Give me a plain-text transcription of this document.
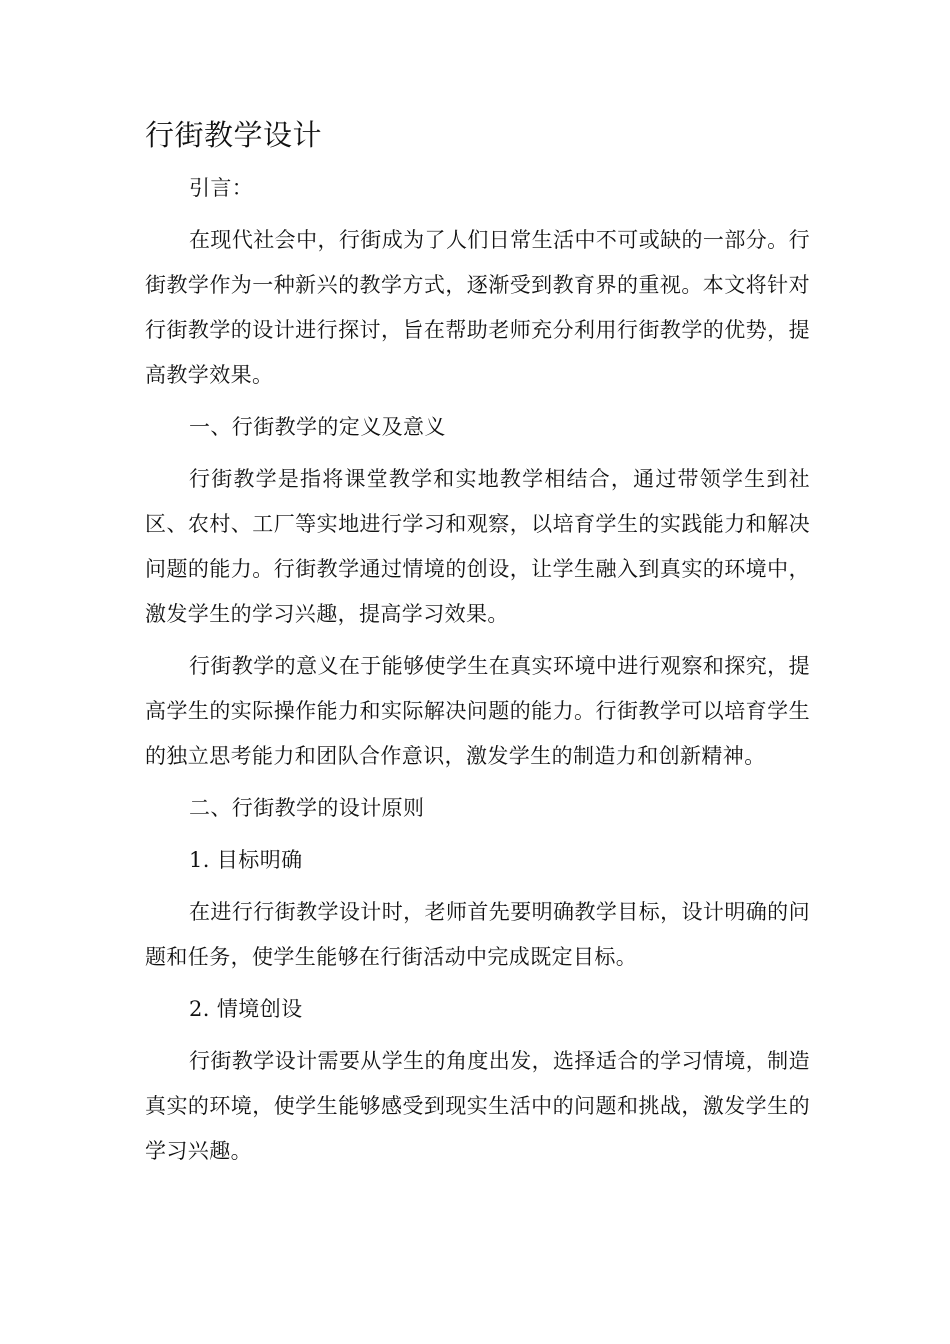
行街教学设计

引言：

在现代社会中，行街成为了人们日常生活中不可或缺的一部分。行街教学作为一种新兴的教学方式，逐渐受到教育界的重视。本文将针对行街教学的设计进行探讨，旨在帮助老师充分利用行街教学的优势，提高教学效果。

一、行街教学的定义及意义

行街教学是指将课堂教学和实地教学相结合，通过带领学生到社区、农村、工厂等实地进行学习和观察，以培育学生的实践能力和解决问题的能力。行街教学通过情境的创设，让学生融入到真实的环境中，激发学生的学习兴趣，提高学习效果。

行街教学的意义在于能够使学生在真实环境中进行观察和探究，提高学生的实际操作能力和实际解决问题的能力。行街教学可以培育学生的独立思考能力和团队合作意识，激发学生的制造力和创新精神。

二、行街教学的设计原则

1. 目标明确

在进行行街教学设计时，老师首先要明确教学目标，设计明确的问题和任务，使学生能够在行街活动中完成既定目标。

2. 情境创设

行街教学设计需要从学生的角度出发，选择适合的学习情境，制造真实的环境，使学生能够感受到现实生活中的问题和挑战，激发学生的学习兴趣。
